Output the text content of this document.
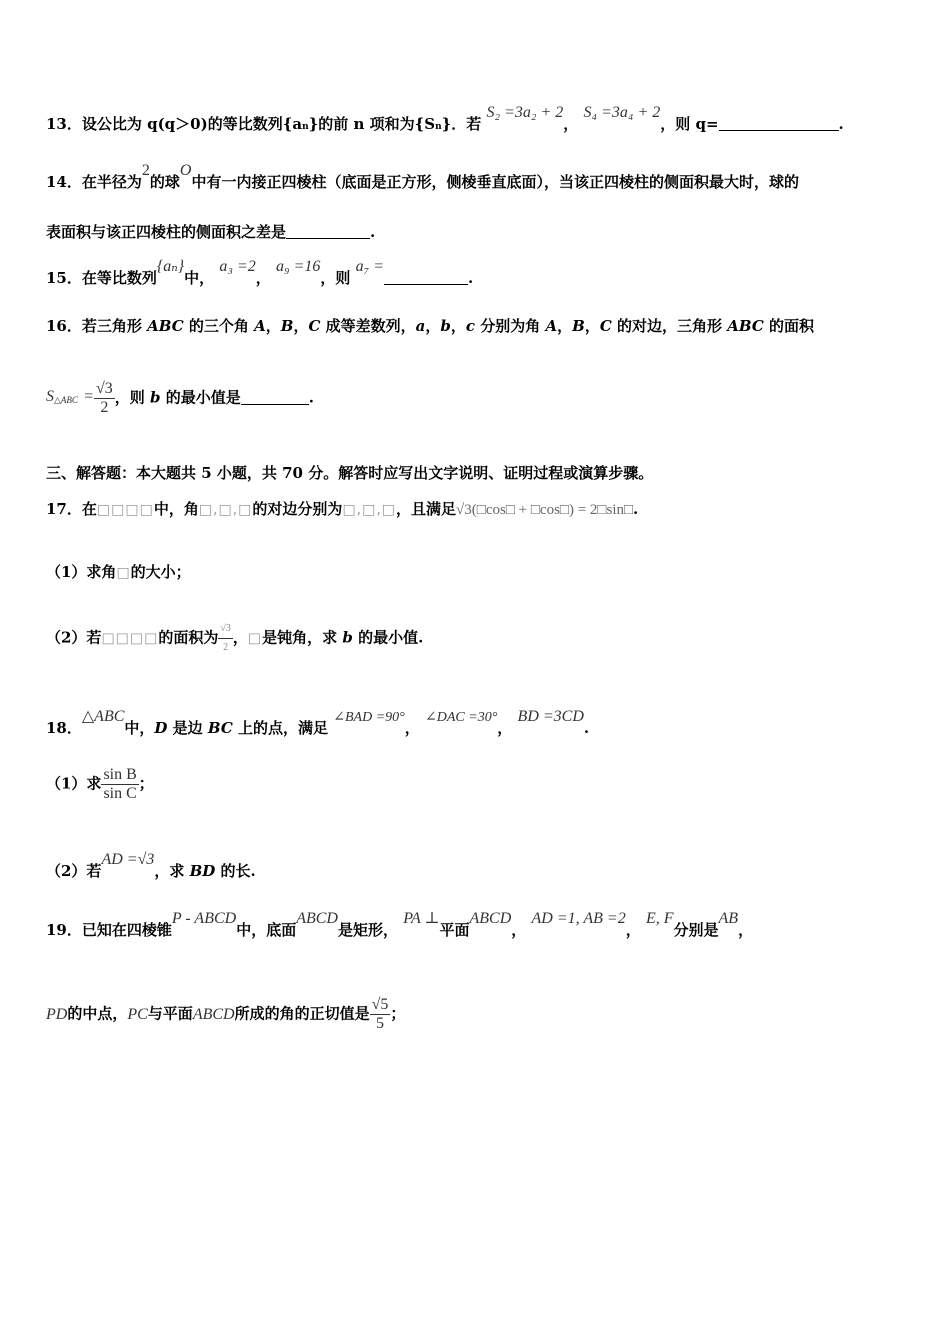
13．设公比为 q(q＞0)的等比数列{an}的前 n 项和为{Sn}．若 S₂ =3a₂ + 2， S₄ =3a₄ + 2，则 q=	.
14．在半径为2的球O中有一内接正四棱柱（底面是正方形，侧棱垂直底面），当该正四棱柱的侧面积最大时，球的
表面积与该正四棱柱的侧面积之差是	.
15．在等比数列{aₙ}中， a₃ =2， a₉ =16，则 a₇ =.
16．若三角形 ABC 的三个角 A，B，C 成等差数列，a，b，c 分别为角 A，B，C 的对边，三角形 ABC 的面积
S△ABC = $\frac{√3}{2}$ ，则 b 的最小值是	.
三、解答题：本大题共 5 小题，共 70 分。解答时应写出文字说明、证明过程或演算步骤。
17．在□□□□中，角□,□,□的对边分别为□,□,□，且满足√3(□cos□ + □cos□) = 2□sin□.
（1）求角□的大小；
（2）若□□□□的面积为 $\frac{√3}{2}$ ，□是钝角，求 b 的最小值.
18．△ABC中，D 是边 BC 上的点，满足 ∠BAD =90°， ∠DAC =30°， BD =3CD.
（1）求 $\frac{\text{sin B}}{\text{sin C}}$ ；
（2）若AD =√3，求 BD 的长.
19．已知在四棱锥P - ABCD中，底面ABCD是矩形， PA ⊥平面ABCD， AD =1, AB =2， E, F分别是AB，
PD的中点，PC与平面ABCD所成的角的正切值是 $\frac{√5}{5}$ ；
